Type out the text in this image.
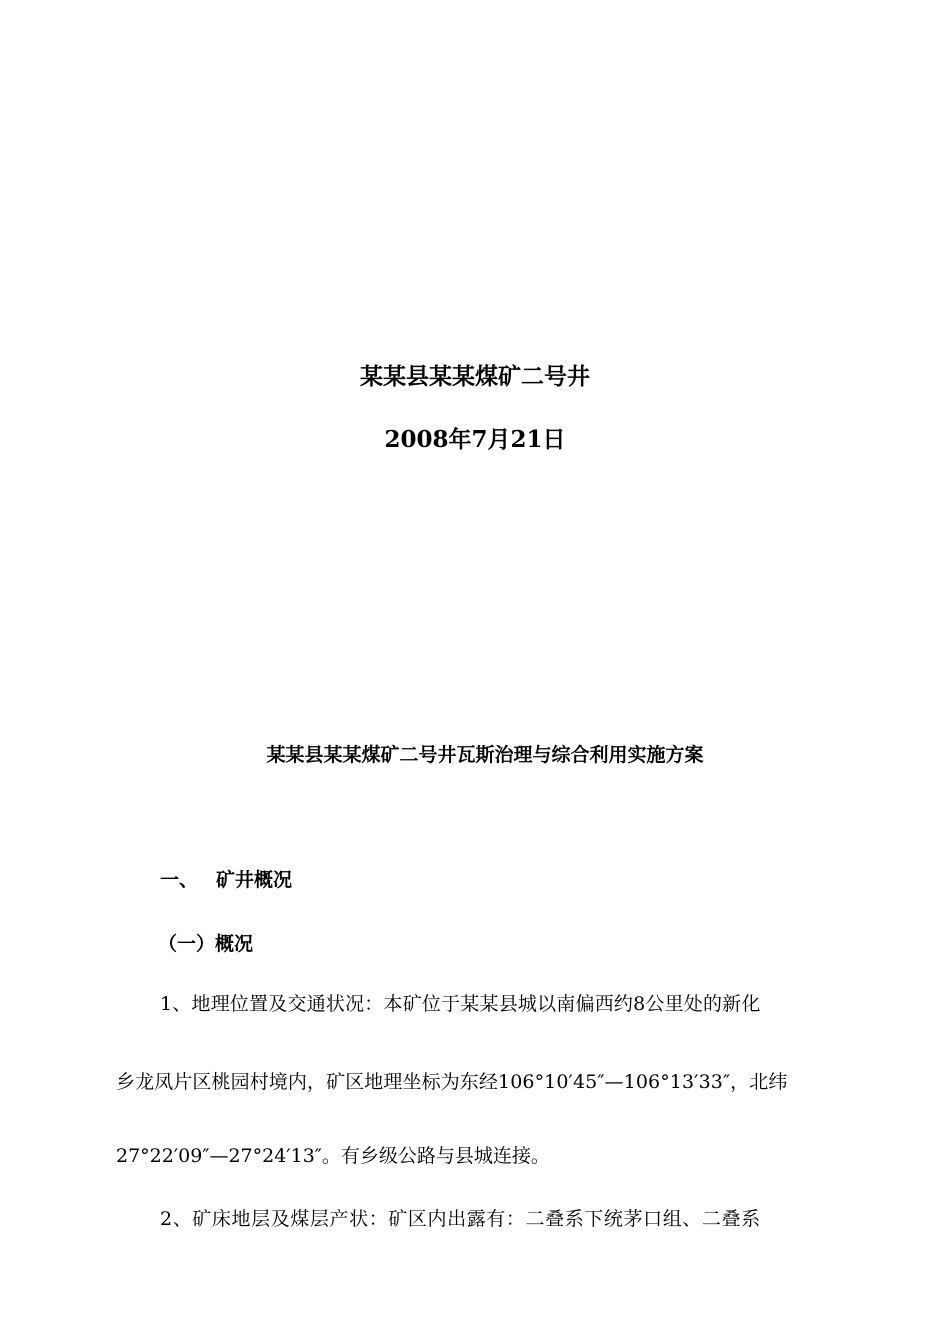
某某县某某煤矿二号井
2008年7月21日
某某县某某煤矿二号井瓦斯治理与综合利用实施方案
一、 矿井概况
（一）概况
1、地理位置及交通状况：本矿位于某某县城以南偏西约8公里处的新化
乡龙凤片区桃园村境内，矿区地理坐标为东经106°10′45″—106°13′33″，北纬
27°22′09″—27°24′13″。有乡级公路与县城连接。
2、矿床地层及煤层产状：矿区内出露有：二叠系下统茅口组、二叠系
